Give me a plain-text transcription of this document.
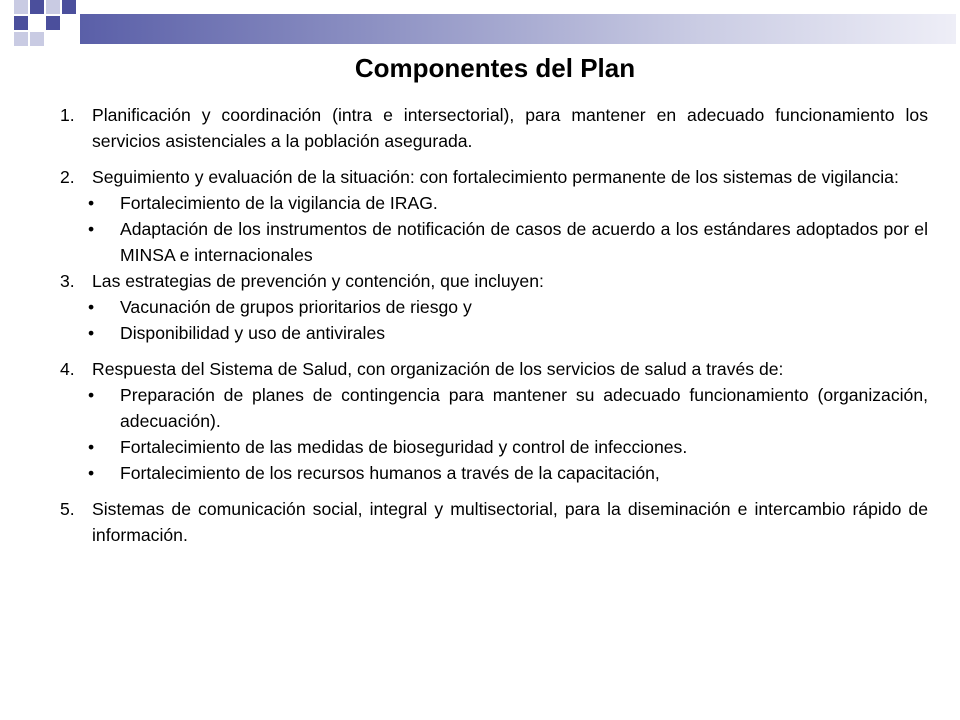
Componentes del Plan
1. Planificación y coordinación (intra e intersectorial), para mantener en adecuado funcionamiento los servicios asistenciales a la población asegurada.
2. Seguimiento y evaluación de la situación: con fortalecimiento permanente de los sistemas de vigilancia:
• Fortalecimiento de la vigilancia de IRAG.
• Adaptación de los instrumentos de notificación de casos de acuerdo a los estándares adoptados por el MINSA e internacionales
3. Las estrategias de prevención y contención, que incluyen:
• Vacunación de grupos prioritarios de riesgo y
• Disponibilidad y uso de antivirales
4. Respuesta del Sistema de Salud, con organización de los servicios de salud a través de:
• Preparación de planes de contingencia para mantener su adecuado funcionamiento (organización, adecuación).
• Fortalecimiento de las medidas de bioseguridad y control de infecciones.
• Fortalecimiento de los recursos humanos a través de la capacitación,
5. Sistemas de comunicación social, integral y multisectorial, para la diseminación e intercambio rápido de información.
